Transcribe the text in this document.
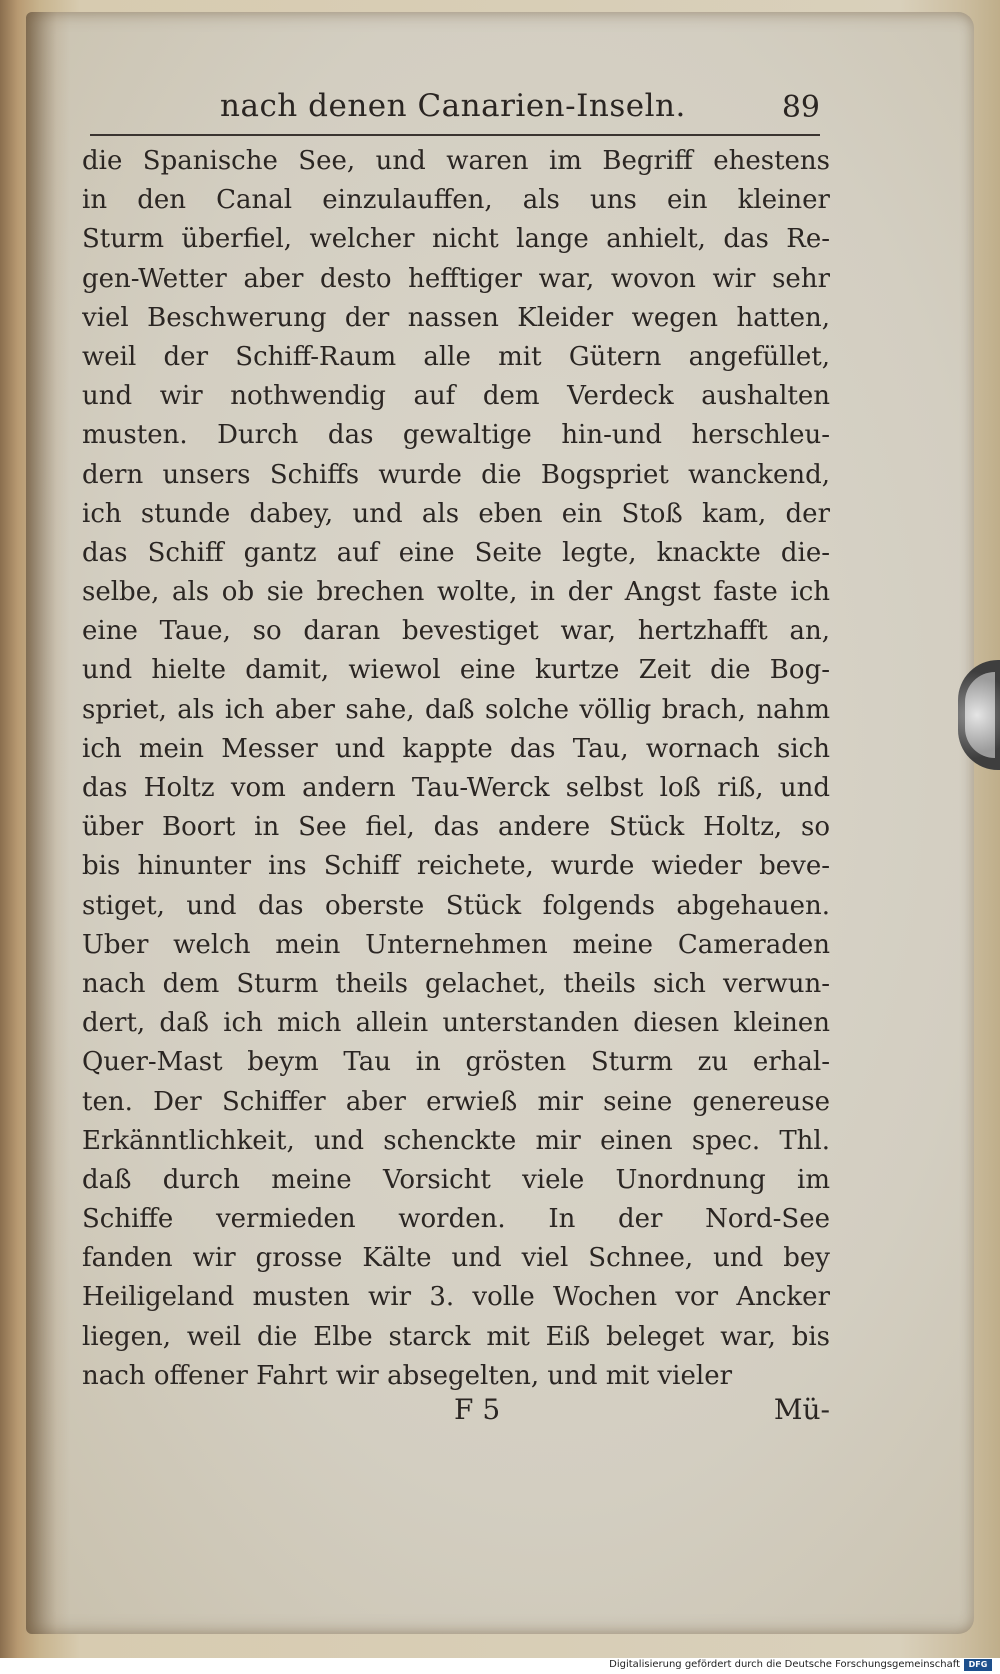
nach denen Canarien-Inseln.	89
die Spanische See, und waren im Begriff ehestens
in den Canal einzulauffen, als uns ein kleiner
Sturm überfiel, welcher nicht lange anhielt, das Re-
gen-Wetter aber desto hefftiger war, wovon wir sehr
viel Beschwerung der nassen Kleider wegen hatten,
weil der Schiff-Raum alle mit Gütern angefüllet,
und wir nothwendig auf dem Verdeck aushalten
musten. Durch das gewaltige hin-und herschleu-
dern unsers Schiffs wurde die Bogspriet wanckend,
ich stunde dabey, und als eben ein Stoß kam, der
das Schiff gantz auf eine Seite legte, knackte die-
selbe, als ob sie brechen wolte, in der Angst faste ich
eine Taue, so daran bevestiget war, hertzhafft an,
und hielte damit, wiewol eine kurtze Zeit die Bog-
spriet, als ich aber sahe, daß solche völlig brach, nahm
ich mein Messer und kappte das Tau, wornach sich
das Holtz vom andern Tau-Werck selbst loß riß, und
über Boort in See fiel, das andere Stück Holtz, so
bis hinunter ins Schiff reichete, wurde wieder beve-
stiget, und das oberste Stück folgends abgehauen.
Uber welch mein Unternehmen meine Cameraden
nach dem Sturm theils gelachet, theils sich verwun-
dert, daß ich mich allein unterstanden diesen kleinen
Quer-Mast beym Tau in grösten Sturm zu erhal-
ten. Der Schiffer aber erwieß mir seine genereuse
Erkänntlichkeit, und schenckte mir einen spec. Thl.
daß durch meine Vorsicht viele Unordnung im
Schiffe vermieden worden. In der Nord-See
fanden wir grosse Kälte und viel Schnee, und bey
Heiligeland musten wir 3. volle Wochen vor Ancker
liegen, weil die Elbe starck mit Eiß beleget war, bis
nach offener Fahrt wir absegelten, und mit vieler
F 5	Mü-
Digitalisierung gefördert durch die Deutsche Forschungsgemeinschaft	DFG
